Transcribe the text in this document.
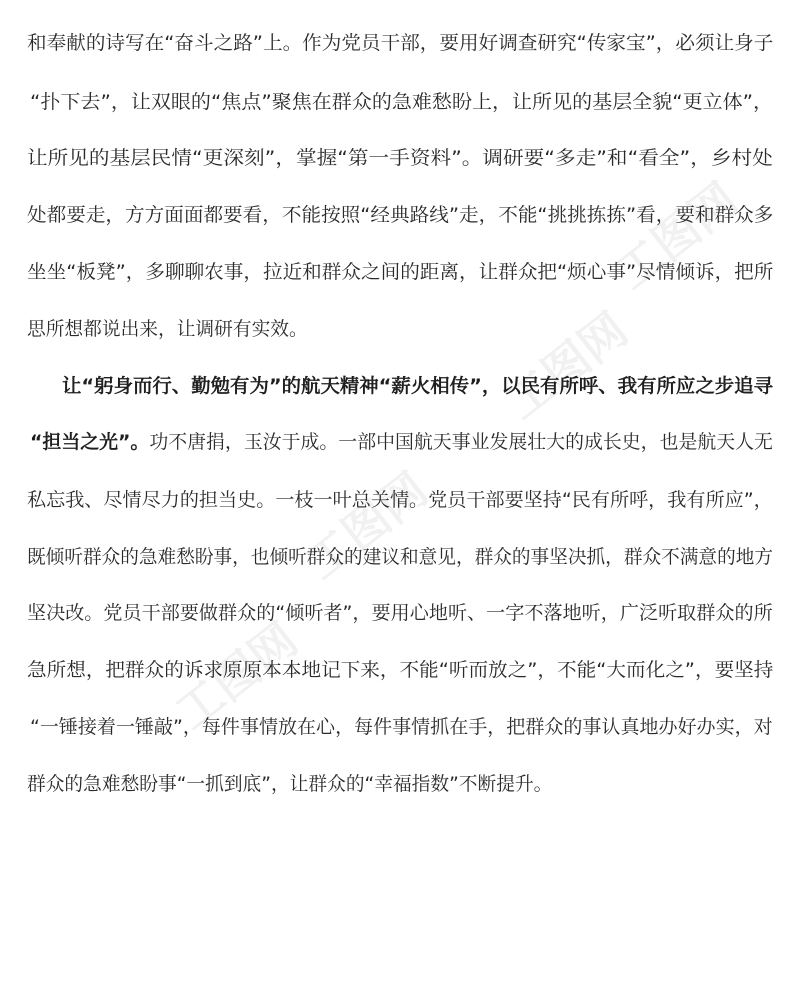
工图网
工图网
工图网
工图网
和奉献的诗写在“奋斗之路”上。作为党员干部，要用好调查研究“传家宝”，必须让身子
“扑下去”，让双眼的“焦点”聚焦在群众的急难愁盼上，让所见的基层全貌“更立体”，
让所见的基层民情“更深刻”，掌握“第一手资料”。调研要“多走”和“看全”，乡村处
处都要走，方方面面都要看，不能按照“经典路线”走，不能“挑挑拣拣”看，要和群众多
坐坐“板凳”，多聊聊农事，拉近和群众之间的距离，让群众把“烦心事”尽情倾诉，把所
思所想都说出来，让调研有实效。
让“躬身而行、勤勉有为”的航天精神“薪火相传”，以民有所呼、我有所应之步追寻
“担当之光”。功不唐捐，玉汝于成。一部中国航天事业发展壮大的成长史，也是航天人无
私忘我、尽情尽力的担当史。一枝一叶总关情。党员干部要坚持“民有所呼，我有所应”，
既倾听群众的急难愁盼事，也倾听群众的建议和意见，群众的事坚决抓，群众不满意的地方
坚决改。党员干部要做群众的“倾听者”，要用心地听、一字不落地听，广泛听取群众的所
急所想，把群众的诉求原原本本地记下来，不能“听而放之”，不能“大而化之”，要坚持
“一锤接着一锤敲”，每件事情放在心，每件事情抓在手，把群众的事认真地办好办实，对
群众的急难愁盼事“一抓到底”，让群众的“幸福指数”不断提升。
